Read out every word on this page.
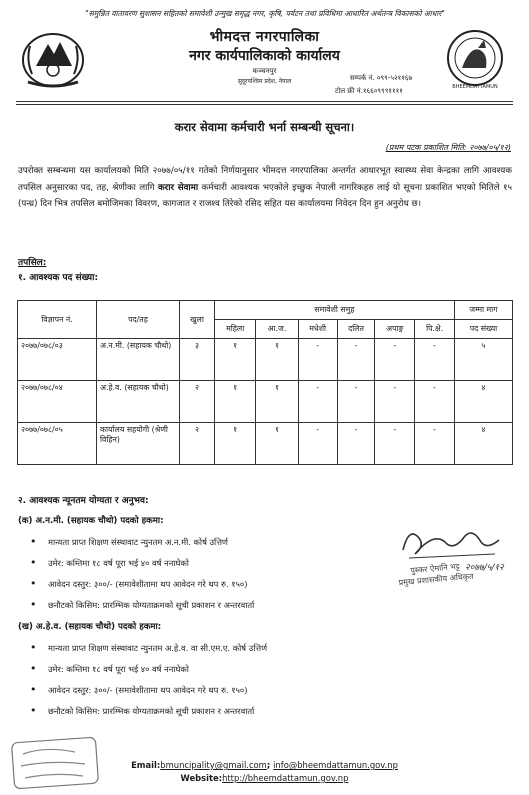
"समुन्नित वातावरण सुशासन सहितको समावेशी उन्मुख समृद्ध नगर, कृषि, पर्यटन तथा प्रविधिमा आधारित अर्थतन्त्र विकासको आधार"
BHEEMDATTAMUN
भीमदत्त नगरपालिका
नगर कार्यपालिकाको कार्यालय
कञ्चनपुर
सुदूरपश्चिम प्रदेश, नेपाल	सम्पर्क नं. ०९९-५२११६७
टोल फ्री नं.१६६०९९९११११
करार सेवामा कर्मचारी भर्ना सम्बन्धी सूचना।
(प्रथम पटक प्रकाशित मिति: २०७७/०५/१२)
उपरोक्त सम्बन्धमा यस कार्यालयको मिति २०७७/०५/११ गतेको निर्णयानुसार भीमदत्त नगरपालिका अन्तर्गत आधारभूत स्वास्थ्य सेवा केन्द्रका लागि आवश्यक तपसिल अनुसारका पद, तह, श्रेणीका लागि करार सेवामा कर्मचारी आवश्यक भएकोले इच्छुक नेपाली नागरिकहरु लाई यो सूचना प्रकाशित भएको मितिले १५ (पन्ध्र) दिन भित्र तपसिल बमोजिमका विवरण, कागजात र राजश्व तिरेको रसिद सहित यस कार्यालयमा निवेदन दिन हुन अनुरोध छ।
तपसिल:
१. आवश्यक पद संख्या:
विज्ञापन नं.	पद/तह	खुला	समावेशी समुह						जम्मा माग
			महिला	आ.ज.	मधेशी	दलित	अपाङ्ग	पि.क्षे.	पद संख्या
२०७७/०७८/०३	अ.न.मी. (सहायक चौथो)	३	१	१	-	-	-	-	५
२०७७/०७८/०४	अ.हे.व. (सहायक चौथो)	२	१	१	-	-	-	-	४
२०७७/०७८/०५	कार्यालय सहयोगी (श्रेणी विहिन)	२	१	१	-	-	-	-	४
२. आवश्यक न्यूनतम योग्यता र अनुभव:
(क) अ.न.मी. (सहायक चौथो) पदको हकमा:
• मान्यता प्राप्त शिक्षण संस्थावाट न्युनतम अ.न.मी. कोर्ष उत्तिर्ण
• उमेर: कम्तिमा १८ वर्ष पूरा भई ४० वर्ष ननाघेको
• आवेदन दस्तुर: ३००/- (समावेशीतामा थप आवेदन गरे थप रु. १५०)
• छनौटको किसिम: प्रारम्भिक योग्यताक्रमको सूची प्रकाशन र अन्तरवार्ता
(ख) अ.हे.व. (सहायक चौथो) पदको हकमा:
• मान्यता प्राप्त शिक्षण संस्थावाट न्युनतम अ.हे.व. वा सी.एम.ए. कोर्ष उत्तिर्ण
• उमेर: कम्तिमा १८ वर्ष पूरा भई ४० वर्ष ननाघेको
• आवेदन दस्तुर: ३००/- (समावेशीतामा थप आवेदन गरे थप रु. १५०)
• छनौटको किसिम: प्रारम्भिक योग्यताक्रमको सूची प्रकाशन र अन्तरवार्ता
२०७७/५/१२
पुस्कर ऐमानि भट्ट
प्रमुख प्रशासकीय अधिकृत
Email:bmuncipality@gmail.com; info@bheemdattamun.gov.np
Website:http://bheemdattamun.gov.np
